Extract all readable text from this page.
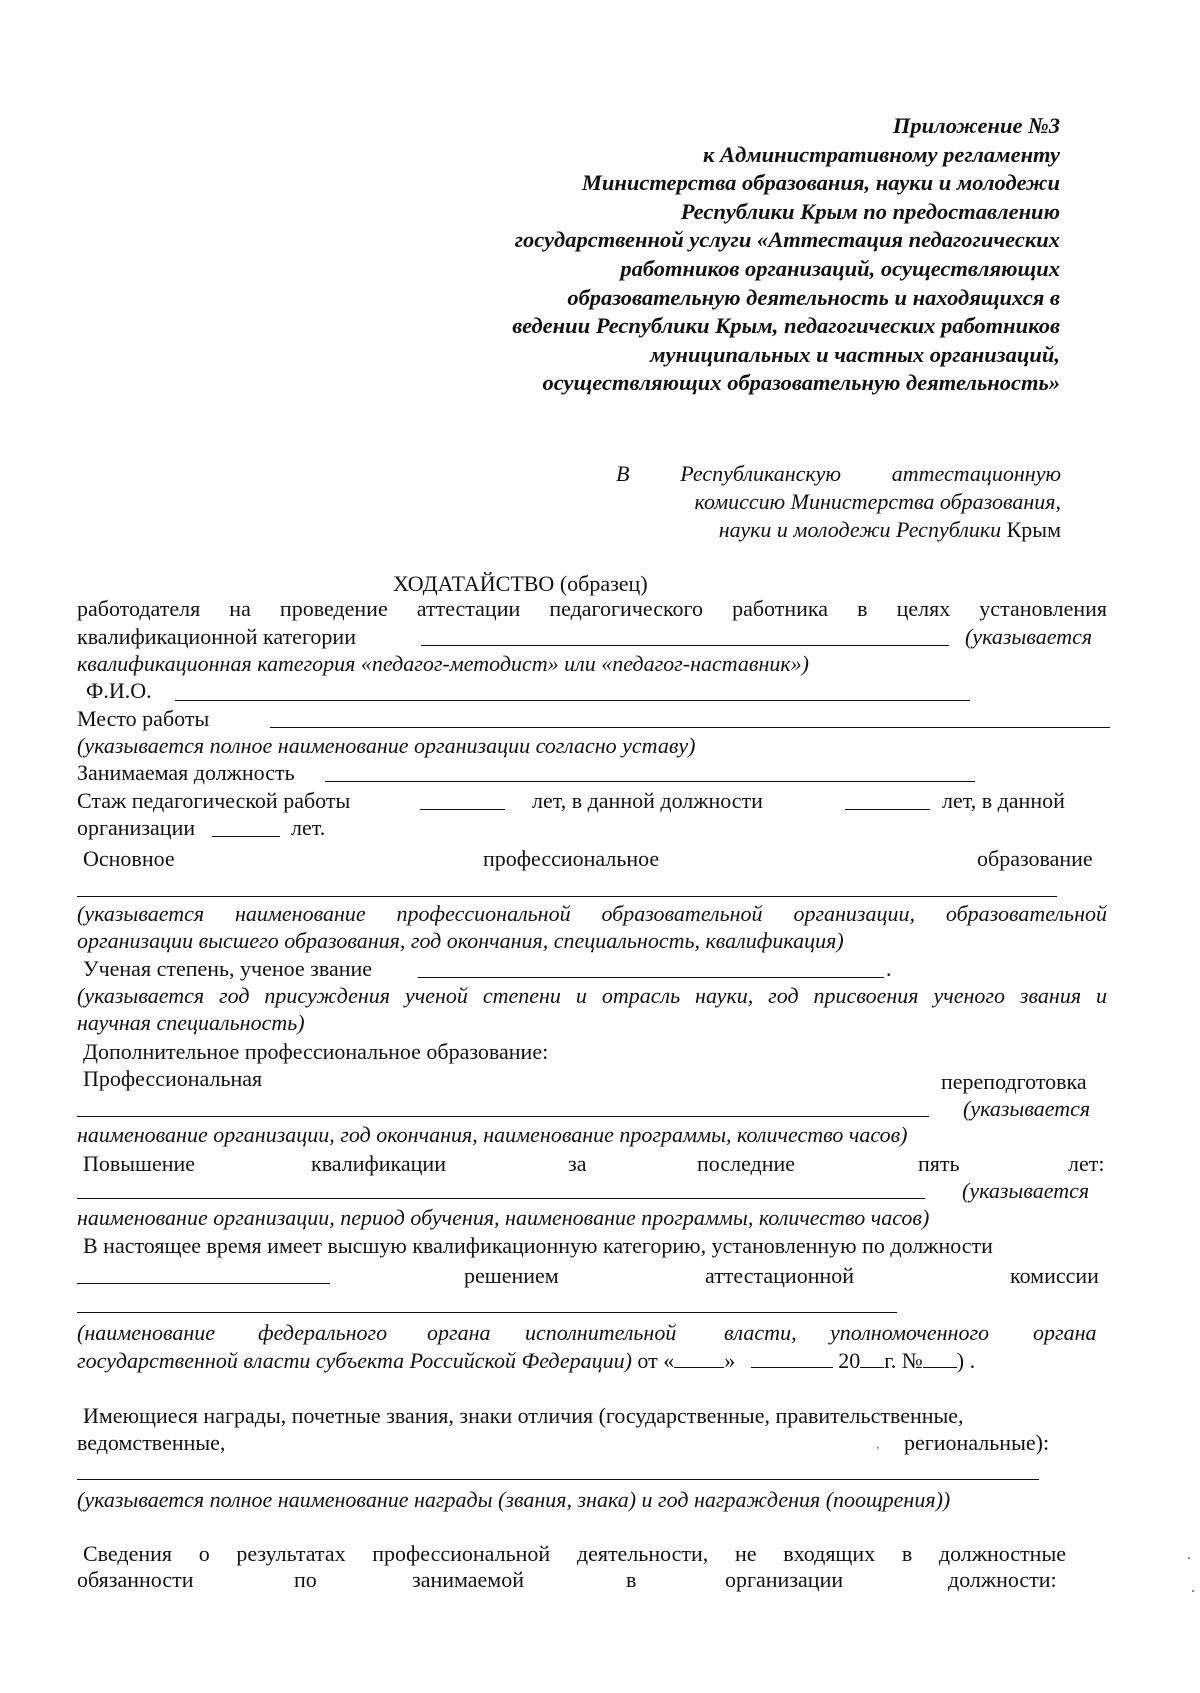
Приложение №3
к Административному регламенту
Министерства образования, науки и молодежи
Республики Крым по предоставлению
государственной услуги «Аттестация педагогических
работников организаций, осуществляющих
образовательную деятельность и находящихся в
ведении Республики Крым, педагогических работников
муниципальных и частных организаций,
осуществляющих образовательную деятельность»
В Республиканскую аттестационную
комиссию Министерства образования,
науки и молодежи Республики Крым
ХОДАТАЙСТВО (образец)
работодателя на проведение аттестации педагогического работника в целях установления
квалификационной категории	(указывается
квалификационная категория «педагог-методист» или «педагог-наставник»)
Ф.И.О.
Место работы
(указывается полное наименование организации согласно уставу)
Занимаемая должность
Стаж педагогической работы	лет, в данной должности	лет, в данной
организации	лет.
Основное	профессиональное	образование
(указывается наименование профессиональной образовательной организации, образовательной
организации высшего образования, год окончания, специальность, квалификация)
Ученая степень, ученое звание	.
(указывается год присуждения ученой степени и отрасль науки, год присвоения ученого звания и
научная специальность)
Дополнительное профессиональное образование:
Профессиональная	переподготовка
(указывается
наименование организации, год окончания, наименование программы, количество часов)
Повышение	квалификации	за	последние	пять	лет:
(указывается
наименование организации, период обучения, наименование программы, количество часов)
В настоящее время имеет высшую квалификационную категорию, установленную по должности
решением	аттестационной	комиссии
(наименование федерального органа исполнительной власти, уполномоченного органа
государственной власти субъекта Российской Федерации) от « »	20 г. № ) .
Имеющиеся награды, почетные звания, знаки отличия (государственные, правительственные,
ведомственные,	, региональные):
(указывается полное наименование награды (звания, знака) и год награждения (поощрения))
Сведения о результатах профессиональной деятельности, не входящих в должностные
обязанности	по	занимаемой	в	организации	должности:
